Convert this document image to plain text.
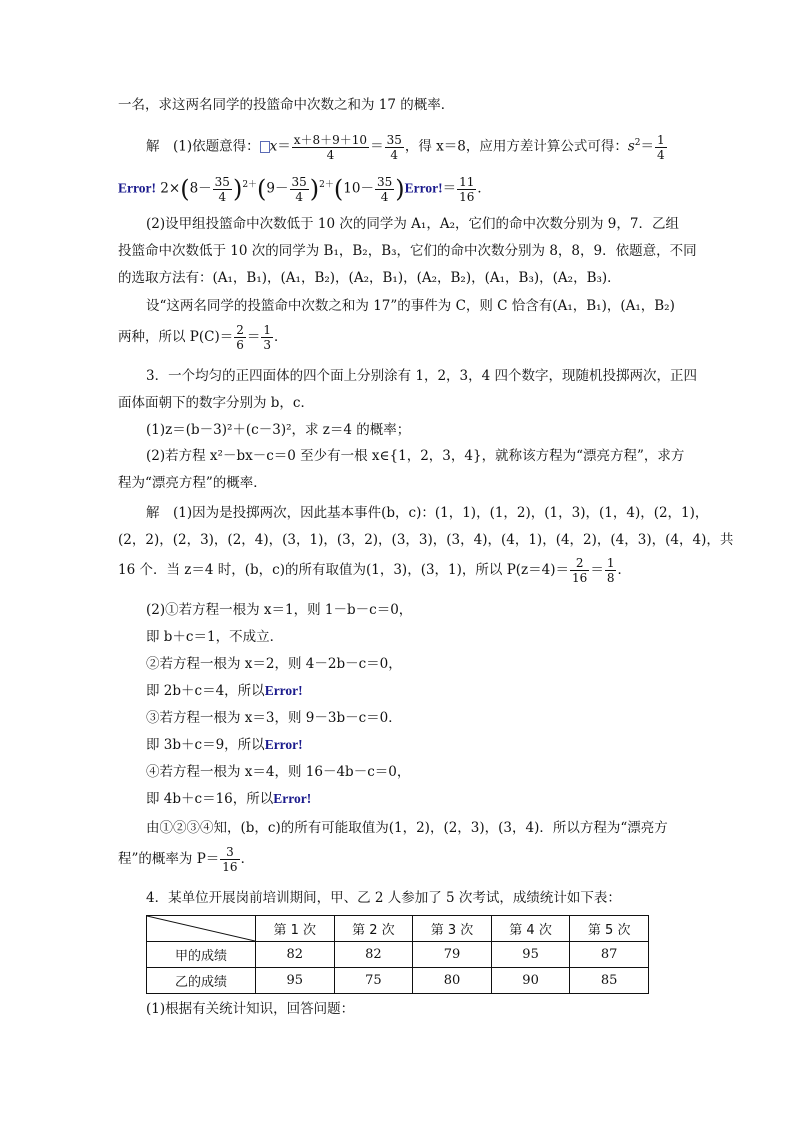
一名，求这两名同学的投篮命中次数之和为 17 的概率．
解　(1)依题意得： $x= \frac{x+8+9+10}{4} = \frac{35}{4}$ ，得 x＝8，应用方差计算公式可得：$s^2= \frac{1}{4}$
Error! $2\times(8- \frac{35}{4} )^{2+}(9- \frac{35}{4} )^{2+}(10- \frac{35}{4}$ )Error!＝ $\frac{11}{16}$ ．
(2)设甲组投篮命中次数低于 10 次的同学为 A₁，A₂，它们的命中次数分别为 9，7．乙组
投篮命中次数低于 10 次的同学为 B₁，B₂，B₃，它们的命中次数分别为 8，8，9．依题意，不同
的选取方法有：(A₁，B₁)，(A₁，B₂)，(A₂，B₁)，(A₂，B₂)，(A₁，B₃)，(A₂，B₃)．
设“这两名同学的投篮命中次数之和为 17”的事件为 C，则 C 恰含有(A₁，B₁)，(A₁，B₂)
两种，所以 $P(C)= \frac{2}{6} = \frac{1}{3}$ ．
3．一个均匀的正四面体的四个面上分别涂有 1，2，3，4 四个数字，现随机投掷两次，正四
面体面朝下的数字分别为 b，c．
(1)z＝(b－3)²＋(c－3)²，求 z＝4 的概率；
(2)若方程 x²－bx－c＝0 至少有一根 x∈{1，2，3，4}，就称该方程为“漂亮方程”，求方
程为“漂亮方程”的概率．
解　(1)因为是投掷两次，因此基本事件(b，c)：(1，1)，(1，2)，(1，3)，(1，4)，(2，1)，
(2，2)，(2，3)，(2，4)，(3，1)，(3，2)，(3，3)，(3，4)，(4，1)，(4，2)，(4，3)，(4，4)，共
16 个．当 z＝4 时，(b，c)的所有取值为(1，3)，(3，1)，所以 $P(z=4)= \frac{2}{16} = \frac{1}{8}$ ．
(2)①若方程一根为 x＝1，则 1－b－c＝0，
即 b＋c＝1，不成立．
②若方程一根为 x＝2，则 4－2b－c＝0，
即 2b＋c＝4，所以Error!
③若方程一根为 x＝3，则 9－3b－c＝0．
即 3b＋c＝9，所以Error!
④若方程一根为 x＝4，则 16－4b－c＝0，
即 4b＋c＝16，所以Error!
由①②③④知，(b，c)的所有可能取值为(1，2)，(2，3)，(3，4)．所以方程为“漂亮方
程”的概率为 $P= \frac{3}{16}$ ．
4．某单位开展岗前培训期间，甲、乙 2 人参加了 5 次考试，成绩统计如下表：
	第 1 次	第 2 次	第 3 次	第 4 次	第 5 次
甲的成绩	82	82	79	95	87
乙的成绩	95	75	80	90	85
(1)根据有关统计知识，回答问题：
